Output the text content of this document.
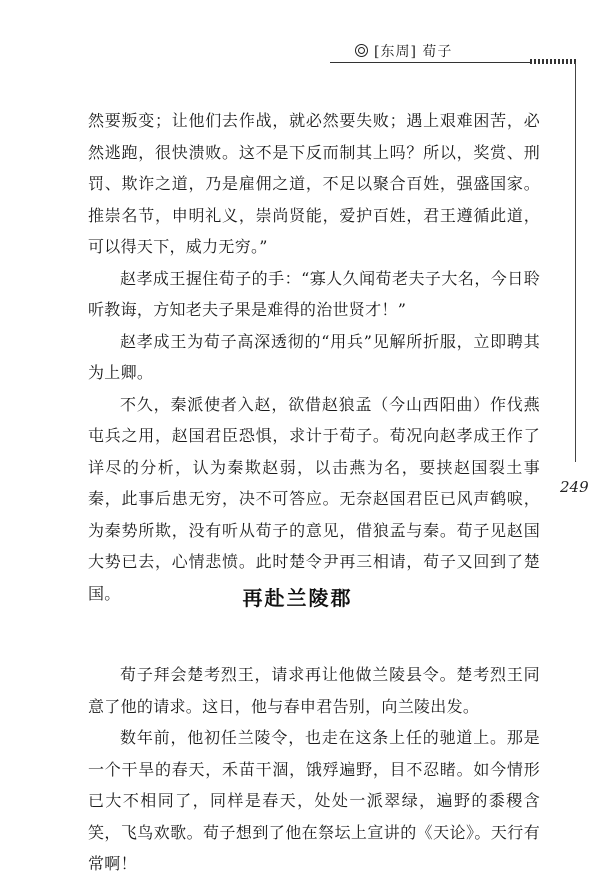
[东周] 荀子
249

然要叛变；让他们去作战，就必然要失败；遇上艰难困苦，必然逃跑，很快溃败。这不是下反而制其上吗？所以，奖赏、刑罚、欺诈之道，乃是雇佣之道，不足以聚合百姓，强盛国家。推崇名节，申明礼义，崇尚贤能，爱护百姓，君王遵循此道，可以得天下，威力无穷。”

赵孝成王握住荀子的手：“寡人久闻荀老夫子大名，今日聆听教诲，方知老夫子果是难得的治世贤才！”

赵孝成王为荀子高深透彻的“用兵”见解所折服，立即聘其为上卿。

不久，秦派使者入赵，欲借赵狼孟（今山西阳曲）作伐燕屯兵之用，赵国君臣恐惧，求计于荀子。荀况向赵孝成王作了详尽的分析，认为秦欺赵弱，以击燕为名，要挟赵国裂土事秦，此事后患无穷，决不可答应。无奈赵国君臣已风声鹤唳，为秦势所欺，没有听从荀子的意见，借狼孟与秦。荀子见赵国大势已去，心情悲愤。此时楚令尹再三相请，荀子又回到了楚国。	再赴兰陵郡

荀子拜会楚考烈王，请求再让他做兰陵县令。楚考烈王同意了他的请求。这日，他与春申君告别，向兰陵出发。

数年前，他初任兰陵令，也走在这条上任的驰道上。那是一个干旱的春天，禾苗干涸，饿殍遍野，目不忍睹。如今情形已大不相同了，同样是春天，处处一派翠绿，遍野的黍稷含笑，飞鸟欢歌。荀子想到了他在祭坛上宣讲的《天论》。天行有常啊！
